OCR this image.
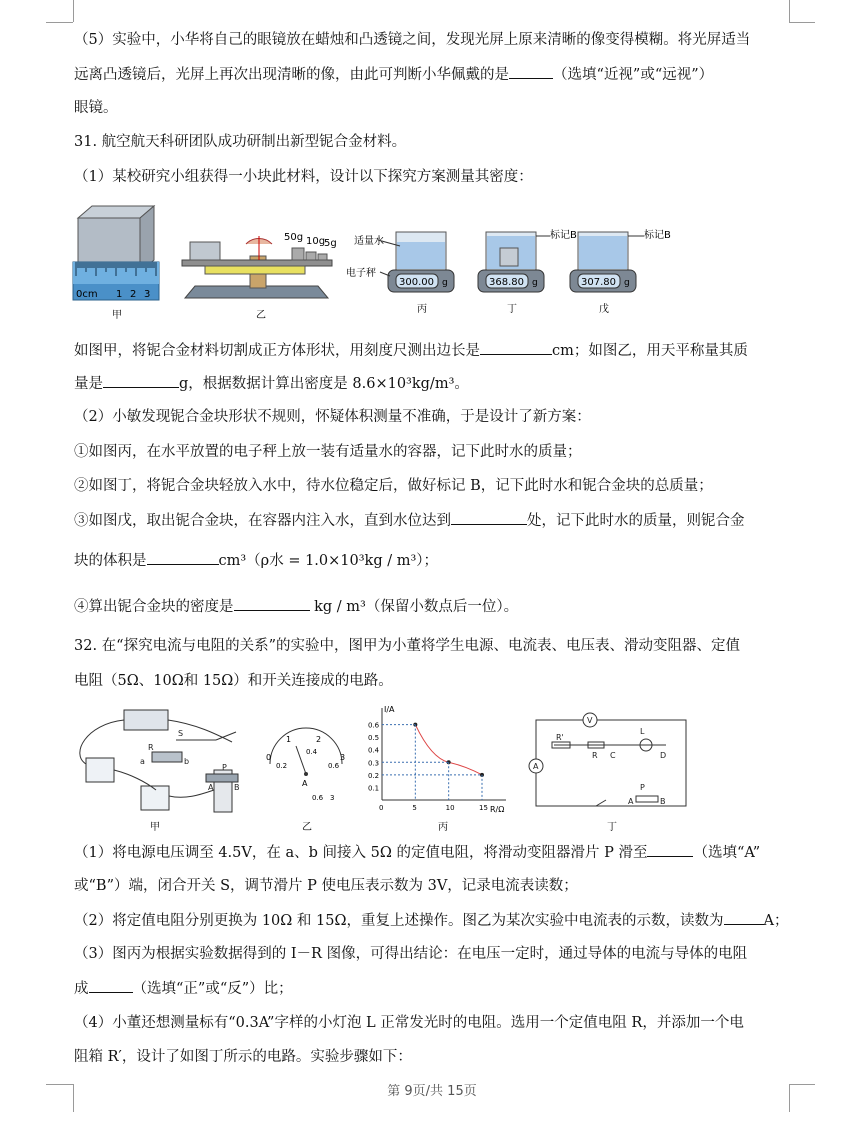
（5）实验中，小华将自己的眼镜放在蜡烛和凸透镜之间，发现光屏上原来清晰的像变得模糊。将光屏适当
远离凸透镜后，光屏上再次出现清晰的像，由此可判断小华佩戴的是	（选填“近视”或“远视”）
眼镜。
31. 航空航天科研团队成功研制出新型铌合金材料。
（1）某校研究小组获得一小块此材料，设计以下探究方案测量其密度：
0cm 1 2 3
50g 10g
5g
300.00 g
适量水
电子秤
368.80 g
标记B
307.80 g
标记B
甲	乙
丙	丁	戊
如图甲，将铌合金材料切割成正方体形状，用刻度尺测出边长是	cm；如图乙，用天平称量其质
量是	g，根据数据计算出密度是 8.6×10³kg/m³。
（2）小敏发现铌合金块形状不规则，怀疑体积测量不准确，于是设计了新方案：
①如图丙，在水平放置的电子秤上放一装有适量水的容器，记下此时水的质量；
②如图丁，将铌合金块轻放入水中，待水位稳定后，做好标记 B，记下此时水和铌合金块的总质量；
③如图戊，取出铌合金块，在容器内注入水，直到水位达到	处，记下此时水的质量，则铌合金
块的体积是	cm³（ρ水 = 1.0×10³kg / m³）；
④算出铌合金块的密度是	kg / m³（保留小数点后一位）。
32. 在“探究电流与电阻的关系”的实验中，图甲为小董将学生电源、电流表、电压表、滑动变阻器、定值
电阻（5Ω、10Ω和 15Ω）和开关连接成的电路。
S
R
a	b
P
A	B
0
1	2
3
0.2
0.4
0.6
A
0.6 3
I/A
R/Ω
0.6
0.5
0.4
0.3
0.2
0.1
0	5	10	15
V
R'
R C
L
D
A
P
A	B
甲	乙	丙	丁
（1）将电源电压调至 4.5V，在 a、b 间接入 5Ω 的定值电阻，将滑动变阻器滑片 P 滑至	（选填“A”
或“B”）端，闭合开关 S，调节滑片 P 使电压表示数为 3V，记录电流表读数；
（2）将定值电阻分别更换为 10Ω 和 15Ω，重复上述操作。图乙为某次实验中电流表的示数，读数为	A；
（3）图丙为根据实验数据得到的 I－R 图像，可得出结论：在电压一定时，通过导体的电流与导体的电阻
成	（选填“正”或“反”）比；
（4）小董还想测量标有“0.3A”字样的小灯泡 L 正常发光时的电阻。选用一个定值电阻 R，并添加一个电
阻箱 R′，设计了如图丁所示的电路。实验步骤如下：
第 9页/共 15页
